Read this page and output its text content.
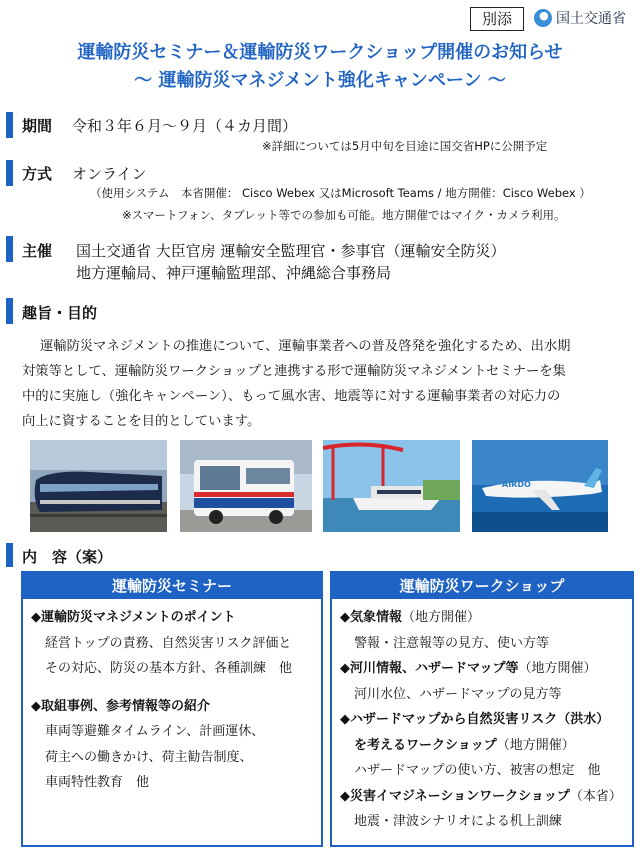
別添	国土交通省
運輸防災セミナー＆運輸防災ワークショップ開催のお知らせ
～ 運輸防災マネジメント強化キャンペーン ～
期間 令和３年６月～９月（４カ月間）
※詳細については5月中旬を目途に国交省HPに公開予定
方式 オンライン
（使用システム　本省開催： Cisco Webex 又はMicrosoft Teams / 地方開催：Cisco Webex ）
※スマートフォン、タブレット等での参加も可能。地方開催ではマイク・カメラ利用。
主催 国土交通省 大臣官房 運輸安全監理官・参事官（運輸安全防災）
地方運輸局、神戸運輸監理部、沖縄総合事務局
趣旨・目的
運輸防災マネジメントの推進について、運輸事業者への普及啓発を強化するため、出水期
対策等として、運輸防災ワークショップと連携する形で運輸防災マネジメントセミナーを集
中的に実施し（強化キャンペーン）、もって風水害、地震等に対する運輸事業者の対応力の
向上に資することを目的としています。
AIRDO
内　容（案）
運輸防災セミナー
◆運輸防災マネジメントのポイント
経営トップの責務、自然災害リスク評価と
その対応、防災の基本方針、各種訓練　他
◆取組事例、参考情報等の紹介
車両等避難タイムライン、計画運休、
荷主への働きかけ、荷主勧告制度、
車両特性教育　他
運輸防災ワークショップ
◆気象情報（地方開催）
警報・注意報等の見方、使い方等
◆河川情報、ハザードマップ等（地方開催）
河川水位、ハザードマップの見方等
◆ハザードマップから自然災害リスク（洪水）
を考えるワークショップ（地方開催）
ハザードマップの使い方、被害の想定　他
◆災害イマジネーションワークショップ（本省）
地震・津波シナリオによる机上訓練
